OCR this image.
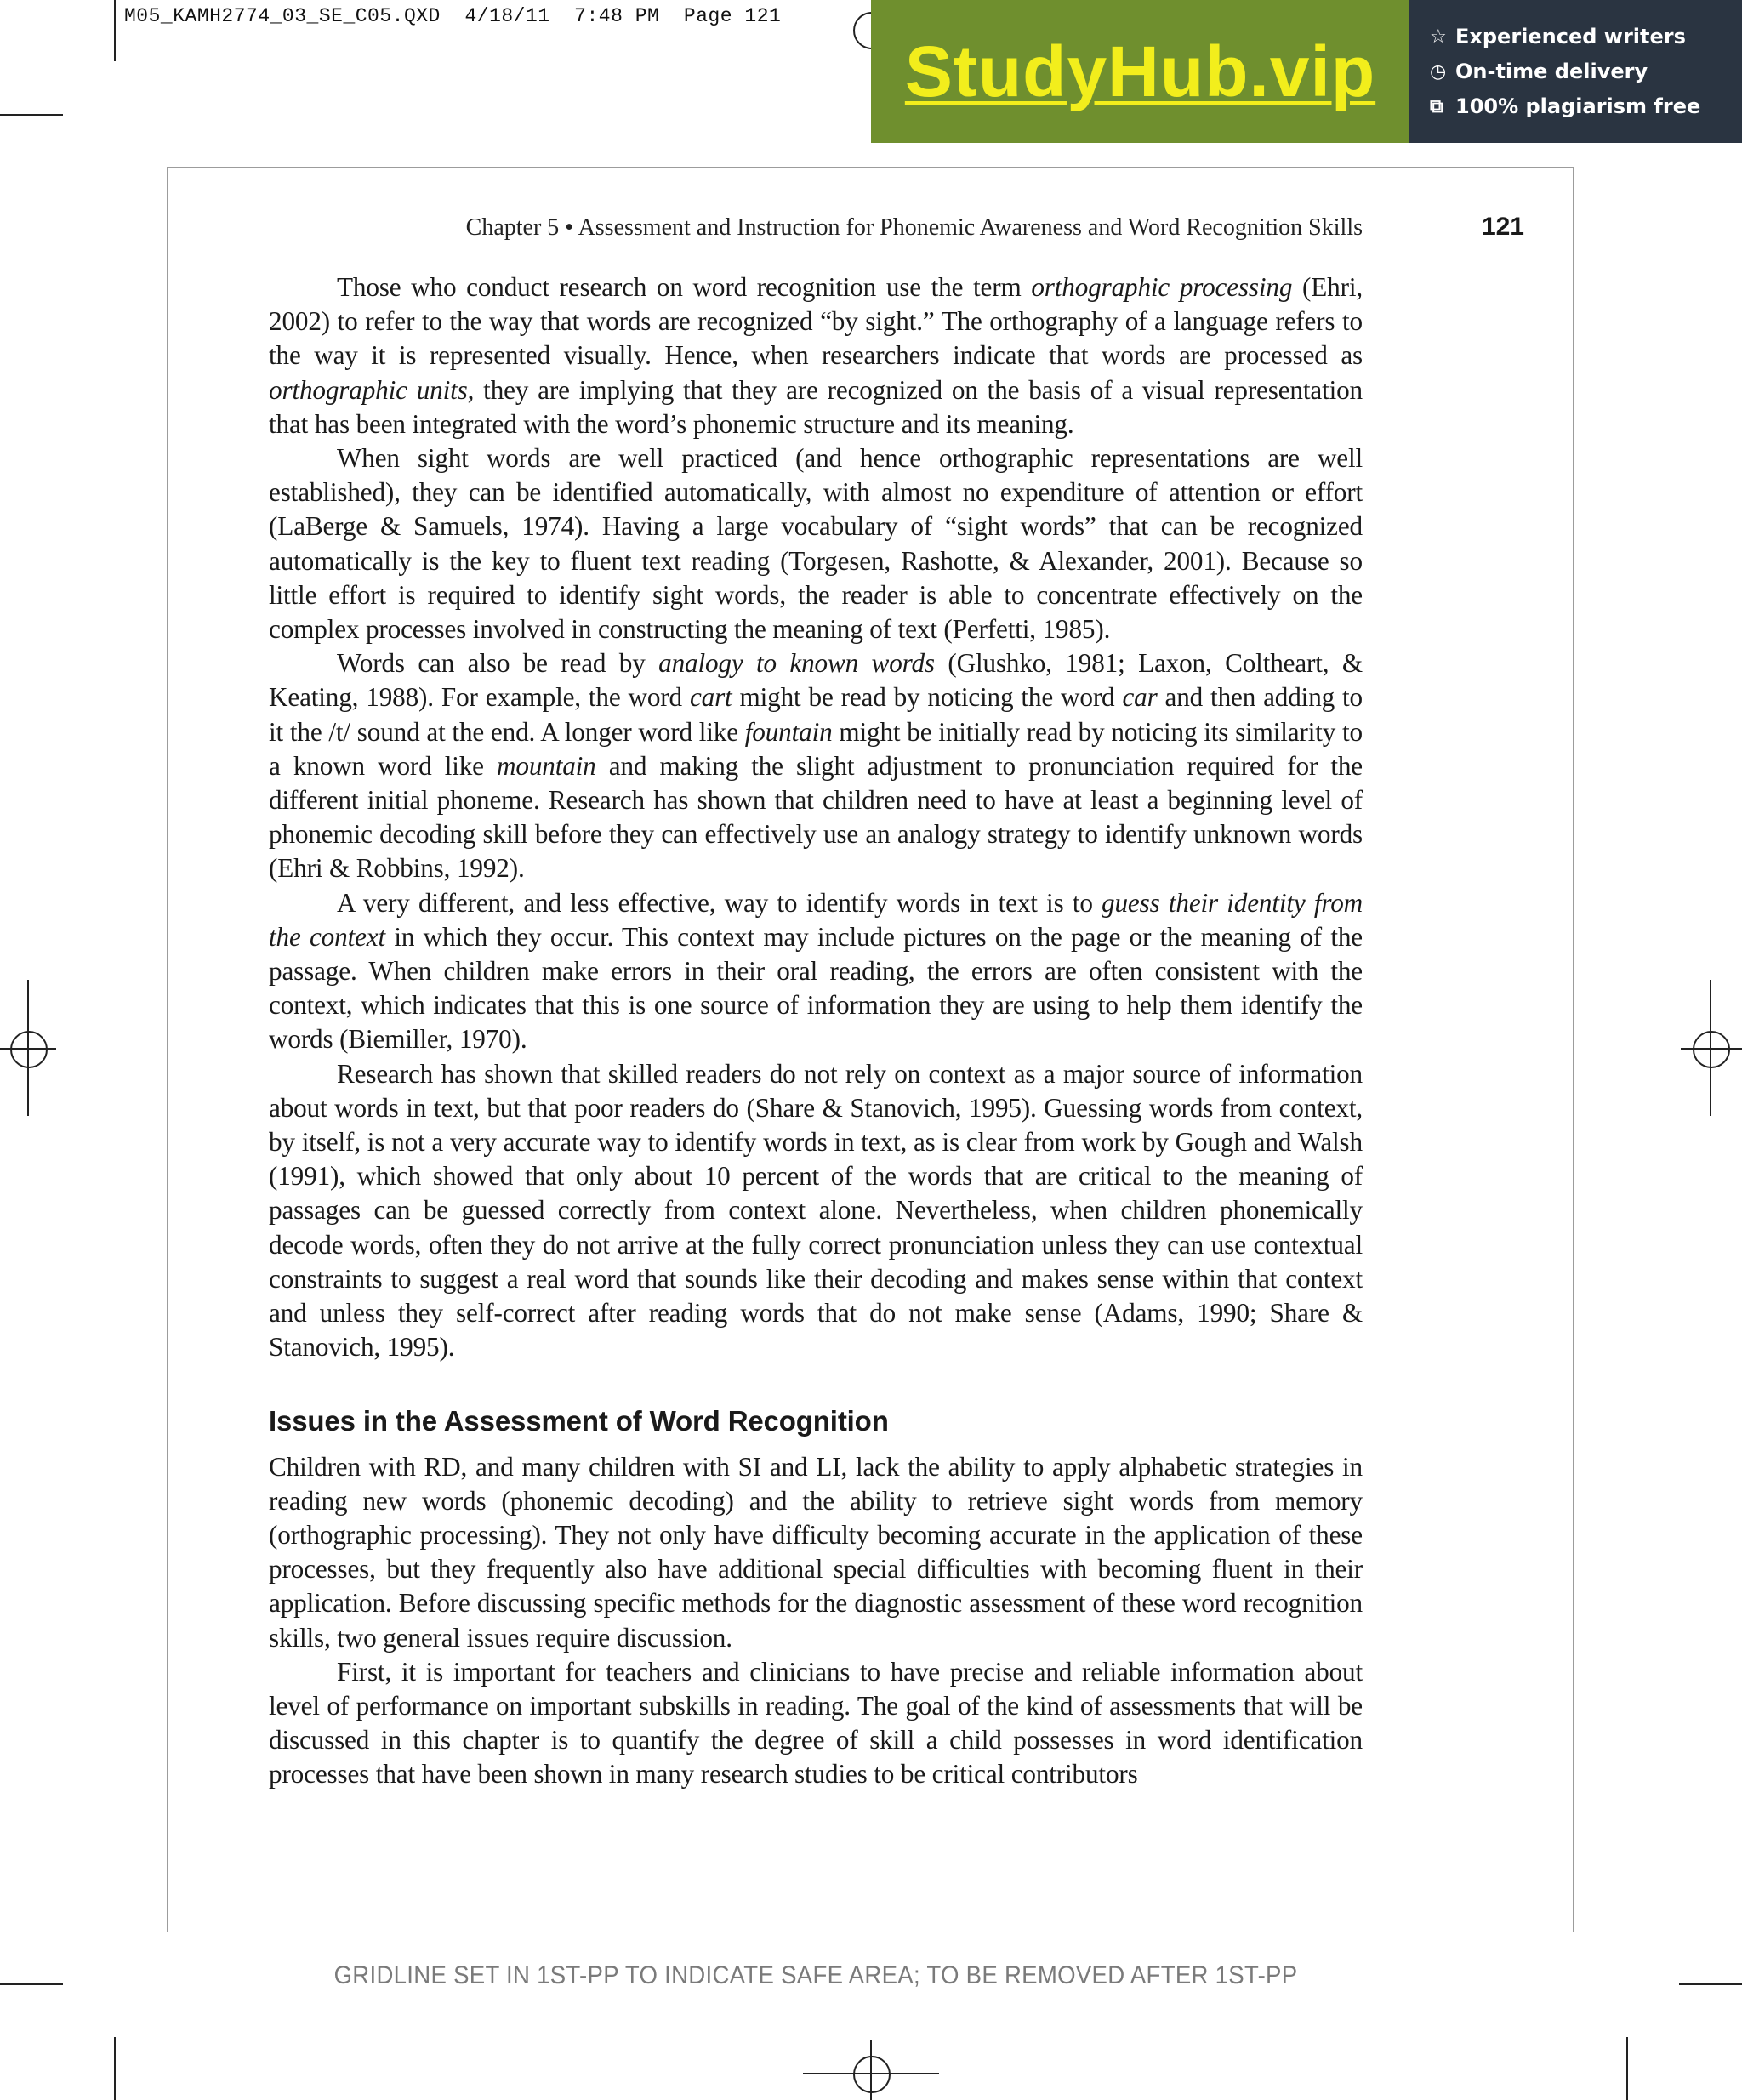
M05_KAMH2774_03_SE_C05.QXD  4/18/11  7:48 PM  Page 121
StudyHub.vip	☆ Experienced writers
◷ On-time delivery
⧉ 100% plagiarism free
Chapter 5 • Assessment and Instruction for Phonemic Awareness and Word Recognition Skills	121

Those who conduct research on word recognition use the term orthographic processing (Ehri, 2002) to refer to the way that words are recognized “by sight.” The orthography of a language refers to the way it is represented visually. Hence, when researchers indicate that words are processed as orthographic units, they are implying that they are recognized on the basis of a visual representation that has been integrated with the word’s phonemic structure and its meaning.

When sight words are well practiced (and hence orthographic representations are well established), they can be identified automatically, with almost no expenditure of attention or effort (LaBerge & Samuels, 1974). Having a large vocabulary of “sight words” that can be recognized automatically is the key to fluent text reading (Torgesen, Rashotte, & Alexander, 2001). Because so little effort is required to identify sight words, the reader is able to concentrate effectively on the complex processes involved in constructing the meaning of text (Perfetti, 1985).

Words can also be read by analogy to known words (Glushko, 1981; Laxon, Coltheart, & Keating, 1988). For example, the word cart might be read by noticing the word car and then adding to it the /t/ sound at the end. A longer word like fountain might be initially read by noticing its similarity to a known word like mountain and making the slight adjustment to pronunciation required for the different initial phoneme. Research has shown that children need to have at least a beginning level of phonemic decoding skill before they can effectively use an analogy strategy to identify unknown words (Ehri & Robbins, 1992).

A very different, and less effective, way to identify words in text is to guess their identity from the context in which they occur. This context may include pictures on the page or the meaning of the passage. When children make errors in their oral reading, the errors are often consistent with the context, which indicates that this is one source of information they are using to help them identify the words (Biemiller, 1970).

Research has shown that skilled readers do not rely on context as a major source of information about words in text, but that poor readers do (Share & Stanovich, 1995). Guessing words from context, by itself, is not a very accurate way to identify words in text, as is clear from work by Gough and Walsh (1991), which showed that only about 10 percent of the words that are critical to the meaning of passages can be guessed correctly from context alone. Nevertheless, when children phonemically decode words, often they do not arrive at the fully correct pronunciation unless they can use contextual constraints to suggest a real word that sounds like their decoding and makes sense within that context and unless they self-correct after reading words that do not make sense (Adams, 1990; Share & Stanovich, 1995).

Issues in the Assessment of Word Recognition

Children with RD, and many children with SI and LI, lack the ability to apply alphabetic strategies in reading new words (phonemic decoding) and the ability to retrieve sight words from memory (orthographic processing). They not only have difficulty becoming accurate in the application of these processes, but they frequently also have additional special difficulties with becoming fluent in their application. Before discussing specific methods for the diagnostic assessment of these word recognition skills, two general issues require discussion.

First, it is important for teachers and clinicians to have precise and reliable information about level of performance on important subskills in reading. The goal of the kind of assessments that will be discussed in this chapter is to quantify the degree of skill a child possesses in word identification processes that have been shown in many research studies to be critical contributors

GRIDLINE SET IN 1ST-PP TO INDICATE SAFE AREA; TO BE REMOVED AFTER 1ST-PP
